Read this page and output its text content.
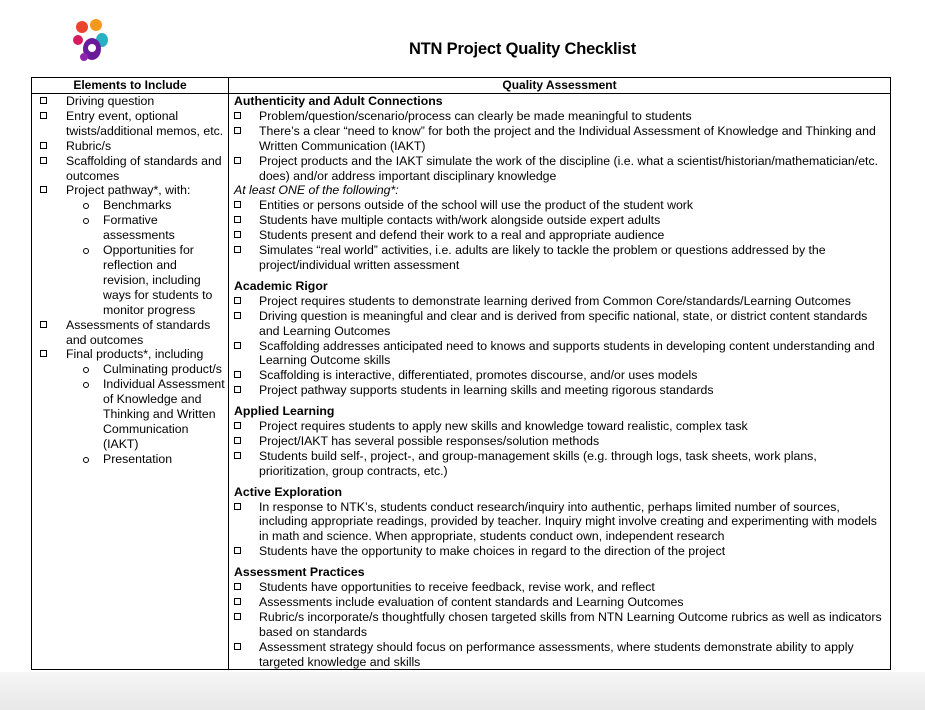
NTN Project Quality Checklist
Elements to Include	Quality Assessment
Driving question
Entry event, optional twists/additional memos, etc.
Rubric/s
Scaffolding of standards and outcomes
Project pathway*, with:
Benchmarks
Formative assessments
Opportunities for reflection and revision, including ways for students to monitor progress
Assessments of standards and outcomes
Final products*, including
Culminating product/s
Individual Assessment of Knowledge and Thinking and Written Communication (IAKT)
Presentation
Authenticity and Adult Connections
Problem/question/scenario/process can clearly be made meaningful to students
There’s a clear “need to know” for both the project and the Individual Assessment of Knowledge and Thinking and Written Communication (IAKT)
Project products and the IAKT simulate the work of the discipline (i.e. what a scientist/historian/mathematician/etc. does) and/or address important disciplinary knowledge
At least ONE of the following*:
Entities or persons outside of the school will use the product of the student work
Students have multiple contacts with/work alongside outside expert adults
Students present and defend their work to a real and appropriate audience
Simulates “real world” activities, i.e. adults are likely to tackle the problem or questions addressed by the project/individual written assessment
Academic Rigor
Project requires students to demonstrate learning derived from Common Core/standards/Learning Outcomes
Driving question is meaningful and clear and is derived from specific national, state, or district content standards and Learning Outcomes
Scaffolding addresses anticipated need to knows and supports students in developing content understanding and Learning Outcome skills
Scaffolding is interactive, differentiated, promotes discourse, and/or uses models
Project pathway supports students in learning skills and meeting rigorous standards
Applied Learning
Project requires students to apply new skills and knowledge toward realistic, complex task
Project/IAKT has several possible responses/solution methods
Students build self-, project-, and group-management skills (e.g. through logs, task sheets, work plans, prioritization, group contracts, etc.)
Active Exploration
In response to NTK’s, students conduct research/inquiry into authentic, perhaps limited number of sources, including appropriate readings, provided by teacher. Inquiry might involve creating and experimenting with models in math and science. When appropriate, students conduct own, independent research
Students have the opportunity to make choices in regard to the direction of the project
Assessment Practices
Students have opportunities to receive feedback, revise work, and reflect
Assessments include evaluation of content standards and Learning Outcomes
Rubric/s incorporate/s thoughtfully chosen targeted skills from NTN Learning Outcome rubrics as well as indicators based on standards
Assessment strategy should focus on performance assessments, where students demonstrate ability to apply targeted knowledge and skills
